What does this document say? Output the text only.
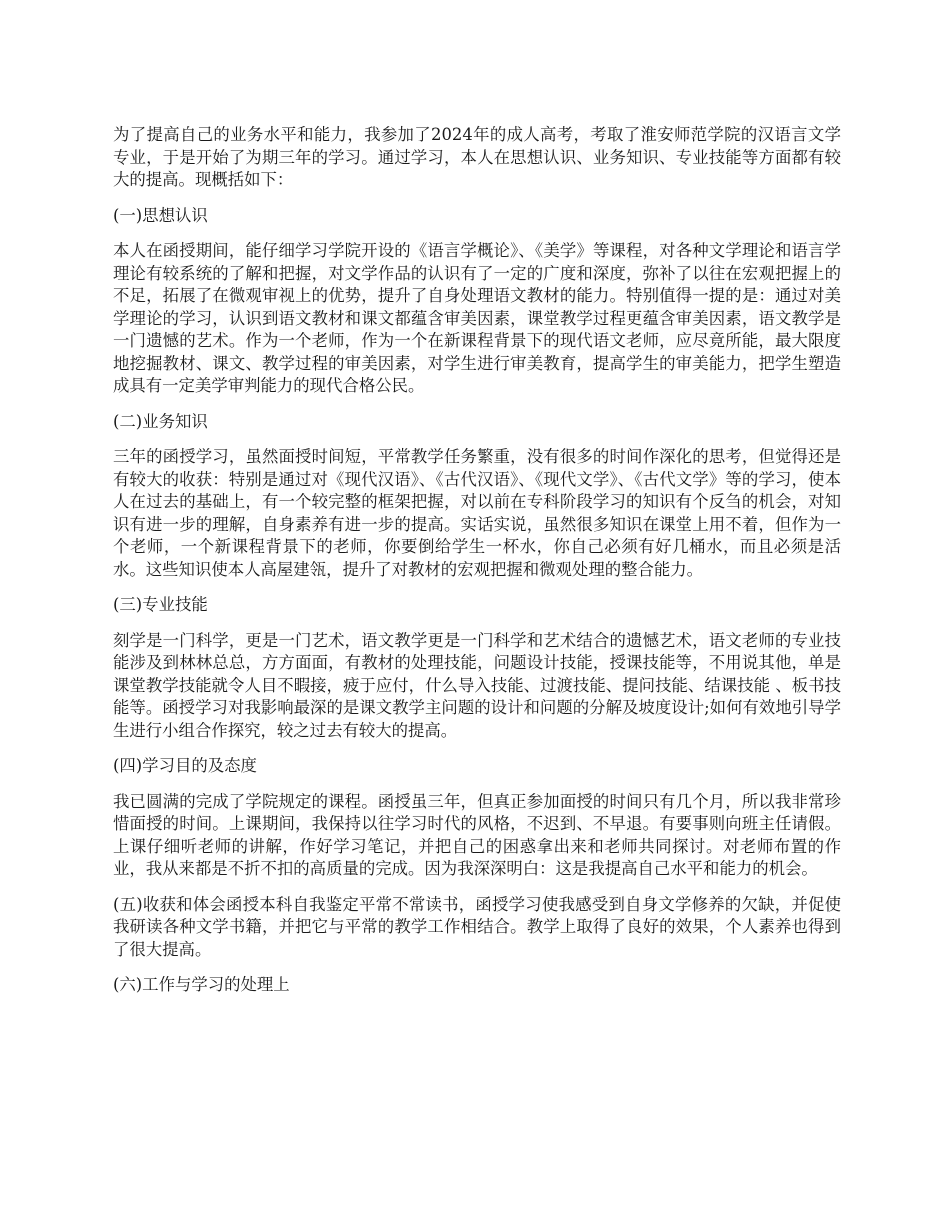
为了提高自己的业务水平和能力，我参加了2024年的成人高考，考取了淮安师范学院的汉语言文学专业，于是开始了为期三年的学习。通过学习，本人在思想认识、业务知识、专业技能等方面都有较大的提高。现概括如下：

(一)思想认识

本人在函授期间，能仔细学习学院开设的《语言学概论》、《美学》等课程，对各种文学理论和语言学理论有较系统的了解和把握，对文学作品的认识有了一定的广度和深度，弥补了以往在宏观把握上的不足，拓展了在微观审视上的优势，提升了自身处理语文教材的能力。特别值得一提的是：通过对美学理论的学习，认识到语文教材和课文都蕴含审美因素，课堂教学过程更蕴含审美因素，语文教学是一门遗憾的艺术。作为一个老师，作为一个在新课程背景下的现代语文老师，应尽竟所能，最大限度地挖掘教材、课文、教学过程的审美因素，对学生进行审美教育，提高学生的审美能力，把学生塑造成具有一定美学审判能力的现代合格公民。

(二)业务知识

三年的函授学习，虽然面授时间短，平常教学任务繁重，没有很多的时间作深化的思考，但觉得还是有较大的收获：特别是通过对《现代汉语》、《古代汉语》、《现代文学》、《古代文学》等的学习，使本人在过去的基础上，有一个较完整的框架把握，对以前在专科阶段学习的知识有个反刍的机会，对知识有进一步的理解，自身素养有进一步的提高。实话实说，虽然很多知识在课堂上用不着，但作为一个老师，一个新课程背景下的老师，你要倒给学生一杯水，你自己必须有好几桶水，而且必须是活水。这些知识使本人高屋建瓴，提升了对教材的宏观把握和微观处理的整合能力。

(三)专业技能

刻学是一门科学，更是一门艺术，语文教学更是一门科学和艺术结合的遗憾艺术，语文老师的专业技能涉及到林林总总，方方面面，有教材的处理技能，问题设计技能，授课技能等，不用说其他，单是课堂教学技能就令人目不暇接，疲于应付，什么导入技能、过渡技能、提问技能、结课技能 、板书技能等。函授学习对我影响最深的是课文教学主问题的设计和问题的分解及坡度设计;如何有效地引导学生进行小组合作探究，较之过去有较大的提高。

(四)学习目的及态度

我已圆满的完成了学院规定的课程。函授虽三年，但真正参加面授的时间只有几个月，所以我非常珍惜面授的时间。上课期间，我保持以往学习时代的风格，不迟到、不早退。有要事则向班主任请假。上课仔细听老师的讲解，作好学习笔记，并把自己的困惑拿出来和老师共同探讨。对老师布置的作业，我从来都是不折不扣的高质量的完成。因为我深深明白：这是我提高自己水平和能力的机会。

(五)收获和体会函授本科自我鉴定平常不常读书，函授学习使我感受到自身文学修养的欠缺，并促使我研读各种文学书籍，并把它与平常的教学工作相结合。教学上取得了良好的效果，个人素养也得到了很大提高。

(六)工作与学习的处理上
